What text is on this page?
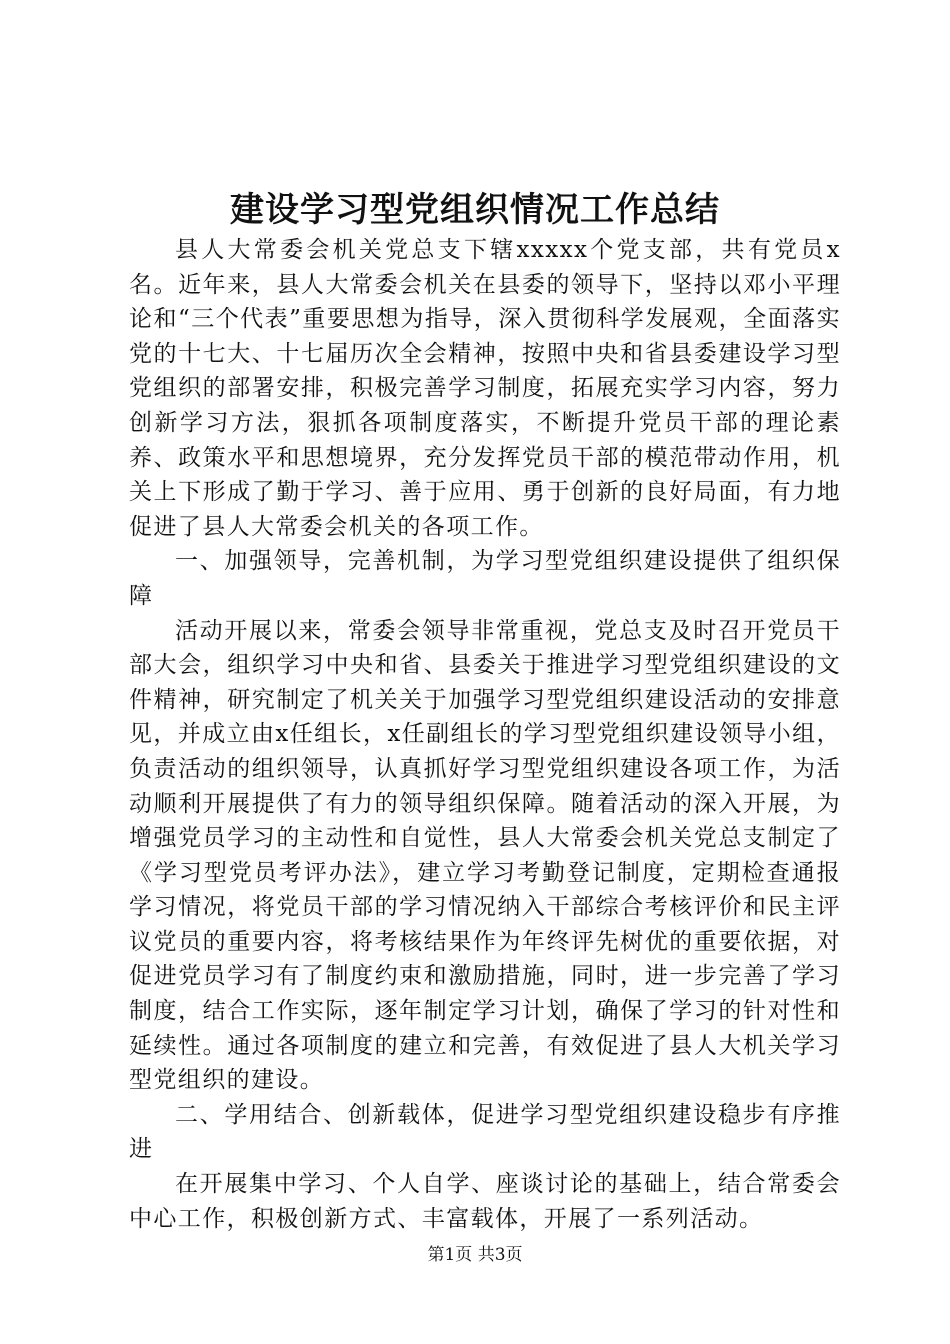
建设学习型党组织情况工作总结

县人大常委会机关党总支下辖xxxxx个党支部，共有党员x名。近年来，县人大常委会机关在县委的领导下，坚持以邓小平理论和“三个代表”重要思想为指导，深入贯彻科学发展观，全面落实党的十七大、十七届历次全会精神，按照中央和省县委建设学习型党组织的部署安排，积极完善学习制度，拓展充实学习内容，努力创新学习方法，狠抓各项制度落实，不断提升党员干部的理论素养、政策水平和思想境界，充分发挥党员干部的模范带动作用，机关上下形成了勤于学习、善于应用、勇于创新的良好局面，有力地促进了县人大常委会机关的各项工作。

一、加强领导，完善机制，为学习型党组织建设提供了组织保障

活动开展以来，常委会领导非常重视，党总支及时召开党员干部大会，组织学习中央和省、县委关于推进学习型党组织建设的文件精神，研究制定了机关关于加强学习型党组织建设活动的安排意见，并成立由x任组长，x任副组长的学习型党组织建设领导小组，负责活动的组织领导，认真抓好学习型党组织建设各项工作，为活动顺利开展提供了有力的领导组织保障。随着活动的深入开展，为增强党员学习的主动性和自觉性，县人大常委会机关党总支制定了《学习型党员考评办法》，建立学习考勤登记制度，定期检查通报学习情况，将党员干部的学习情况纳入干部综合考核评价和民主评议党员的重要内容，将考核结果作为年终评先树优的重要依据，对促进党员学习有了制度约束和激励措施，同时，进一步完善了学习制度，结合工作实际，逐年制定学习计划，确保了学习的针对性和延续性。通过各项制度的建立和完善，有效促进了县人大机关学习型党组织的建设。

二、学用结合、创新载体，促进学习型党组织建设稳步有序推进

在开展集中学习、个人自学、座谈讨论的基础上，结合常委会中心工作，积极创新方式、丰富载体，开展了一系列活动。

第1页 共3页
